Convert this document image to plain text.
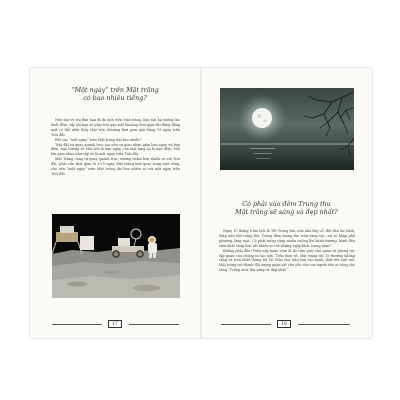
“Một ngày” trên Mặt trăng
có bao nhiêu tiếng?

Nếu tàu vũ trụ đưa bạn đi du lịch trên Mặt trăng, liệu tàu hạ xuống lúc buổi đêm, vậy thì bạn sẽ phải trải qua một khoảng thời gian dài đằng đẵng mới có thể nhìn thấy Mặt trời, khoảng thời gian gần bằng 15 ngày trên Trái đất.

Rốt cục “một ngày” trên Mặt trăng dài bao nhiêu?

Trái đất tự quay quanh trục tạo nên sự giao nhau giữa ban ngày và ban đêm, mặt hướng về Mặt trời là ban ngày, còn mặt lưng lại là ban đêm. Mỗi lần giao nhau như vậy sẽ là một ngày trên Trái đất.

Mặt Trăng cũng tự quay quanh trục, nhưng chậm hơn nhiều so với Trái đất, phải cần thời gian là 29,5 ngày Mặt trăng mới quay xong một vòng, cho nên “một ngày” trên Mặt trăng dài hơn nhiều so với một ngày trên Trái đất.

17
Có phải vào đêm Trung thu
Mặt trăng sẽ sáng và đẹp nhất?

Ngày 15 tháng 8 âm lịch là Tết Trung thu, nhà nhà bày cỗ, đốt đèn lục bình, thắp nến thờ trăng lên. Trăng đêm mùng thu tròn vằng vặc, soi tỏ khắp phố phường, làng mạc. Có phải trăng cũng muốn cuống lên hành trượng, hành đến sớm nhất sáng hơn rất nhiều so với những ngày khác trong năm?

Không phải đâu! Điều này hoàn toàn là do cảm giác chủ quan và phong tục tập quán của chúng ta tạo nên. Trên thực tế, Mặt trăng rất 15 thường không sáng và tròn nhất tháng tới 16. Mùa thu, bầu trời cao xanh, thời tiết mát mẻ, Mặt trăng trở thành đối tượng quan sát chủ yếu của con người nên ai cũng cho rằng “Trăng mùa thu sáng và đẹp nhất”.

18
